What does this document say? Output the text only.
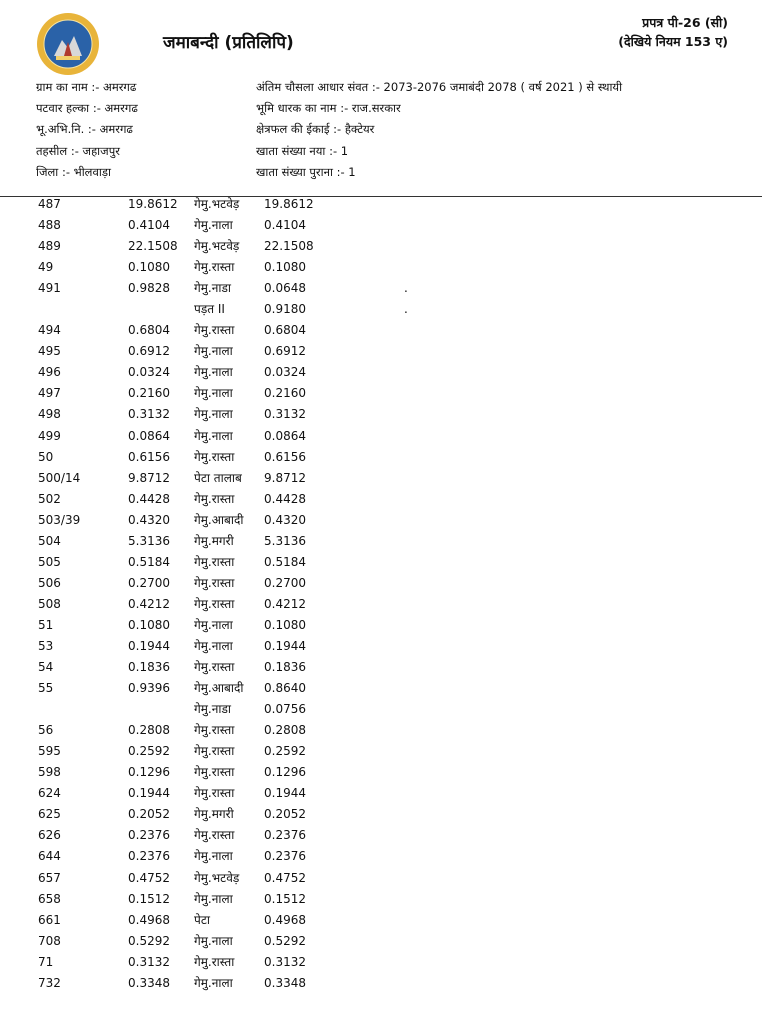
जमाबन्दी (प्रतिलिपि)
प्रपत्र पी-26 (सी)
(देखिये नियम 153 ए)
ग्राम का नाम :- अमरगढ
पटवार हल्का :- अमरगढ
भू.अभि.नि. :- अमरगढ
तहसील :- जहाजपुर
जिला :- भीलवाड़ा
अंतिम चौसला आधार संवत :- 2073-2076 जमाबंदी 2078 ( वर्ष 2021 ) से स्थायी
भूमि धारक का नाम :- राज.सरकार
क्षेत्रफल की ईकाई :- हैक्टेयर
खाता संख्या नया :- 1
खाता संख्या पुराना :- 1
487	19.8612 गेमु.भटवेड़ 19.8612
488	0.4104 गेमु.नाला	0.4104
489	22.1508 गेमु.भटवेड़ 22.1508
49	0.1080 गेमु.रास्ता 0.1080
491	0.9828 गेमु.नाडा	0.0648	.
पड़त II	0.9180	.
494	0.6804 गेमु.रास्ता 0.6804
495	0.6912 गेमु.नाला	0.6912
496	0.0324 गेमु.नाला	0.0324
497	0.2160 गेमु.नाला	0.2160
498	0.3132 गेमु.नाला	0.3132
499	0.0864 गेमु.नाला	0.0864
50	0.6156 गेमु.रास्ता 0.6156
500/14	9.8712 पेटा तालाब 9.8712
502	0.4428 गेमु.रास्ता 0.4428
503/39	0.4320 गेमु.आबादी 0.4320
504	5.3136 गेमु.मगरी	5.3136
505	0.5184 गेमु.रास्ता 0.5184
506	0.2700 गेमु.रास्ता 0.2700
508	0.4212 गेमु.रास्ता 0.4212
51	0.1080 गेमु.नाला	0.1080
53	0.1944 गेमु.नाला	0.1944
54	0.1836 गेमु.रास्ता 0.1836
55	0.9396 गेमु.आबादी 0.8640
गेमु.नाडा	0.0756
56	0.2808 गेमु.रास्ता 0.2808
595	0.2592 गेमु.रास्ता 0.2592
598	0.1296 गेमु.रास्ता 0.1296
624	0.1944 गेमु.रास्ता 0.1944
625	0.2052 गेमु.मगरी	0.2052
626	0.2376 गेमु.रास्ता 0.2376
644	0.2376 गेमु.नाला	0.2376
657	0.4752 गेमु.भटवेड़ 0.4752
658	0.1512 गेमु.नाला	0.1512
661	0.4968 पेटा	0.4968
708	0.5292 गेमु.नाला	0.5292
71	0.3132 गेमु.रास्ता 0.3132
732	0.3348 गेमु.नाला	0.3348
